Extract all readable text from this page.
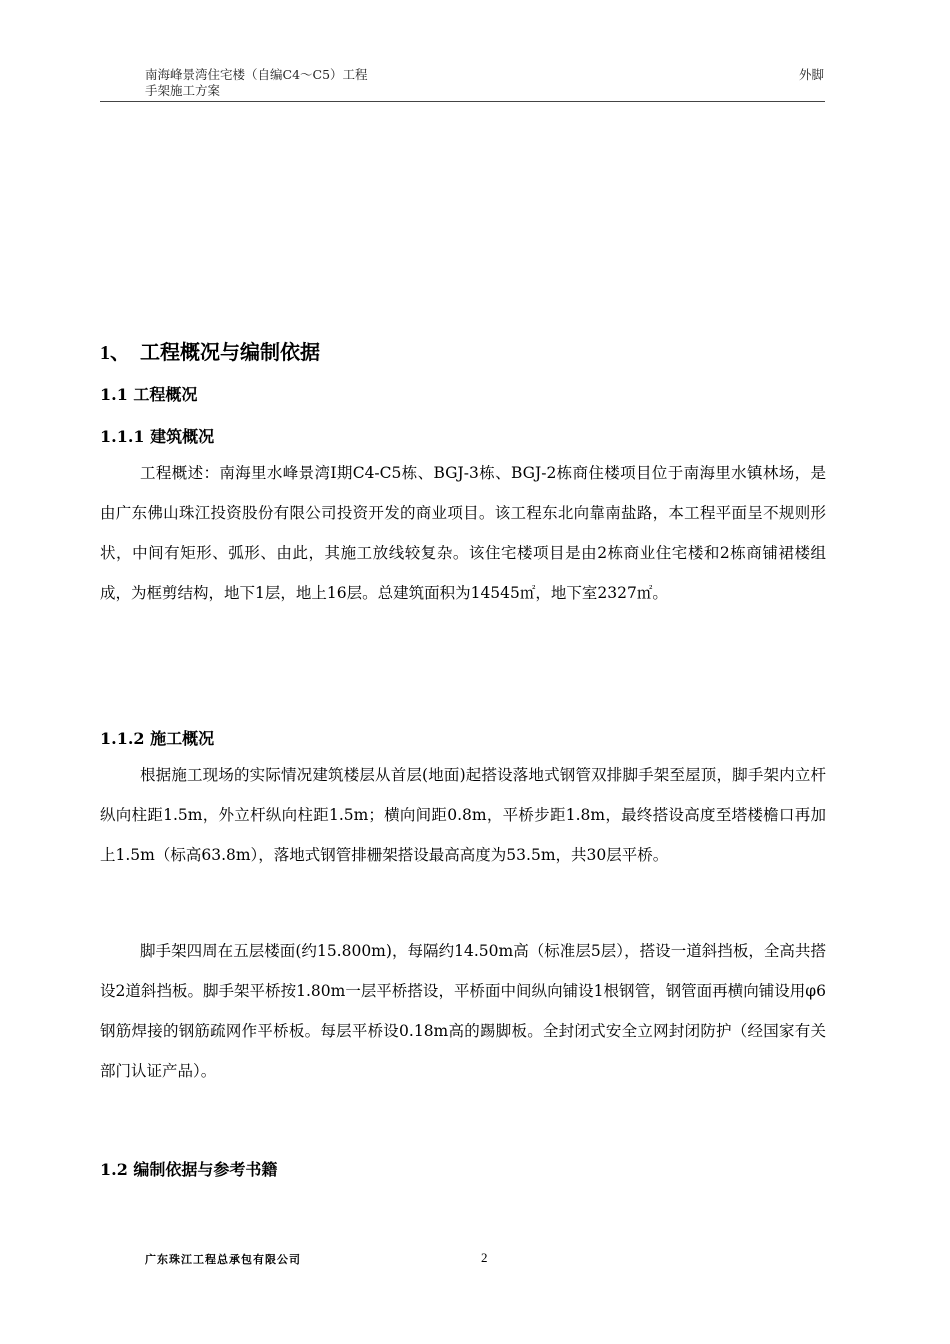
南海峰景湾住宅楼（自编C4～C5）工程
手架施工方案
外脚
1、 工程概况与编制依据
1.1 工程概况
1.1.1 建筑概况

工程概述：南海里水峰景湾Ⅰ期C4-C5栋、BGJ-3栋、BGJ-2栋商住楼项目位于南海里水镇林场，是由广东佛山珠江投资股份有限公司投资开发的商业项目。该工程东北向靠南盐路，本工程平面呈不规则形状，中间有矩形、弧形、由此，其施工放线较复杂。该住宅楼项目是由2栋商业住宅楼和2栋商铺裙楼组成，为框剪结构，地下1层，地上16层。总建筑面积为14545㎡，地下室2327㎡。

1.1.2 施工概况

根据施工现场的实际情况建筑楼层从首层(地面)起搭设落地式钢管双排脚手架至屋顶，脚手架内立杆纵向柱距1.5m，外立杆纵向柱距1.5m；横向间距0.8m，平桥步距1.8m，最终搭设高度至塔楼檐口再加上1.5m（标高63.8m），落地式钢管排栅架搭设最高高度为53.5m，共30层平桥。

脚手架四周在五层楼面(约15.800m)，每隔约14.50m高（标准层5层），搭设一道斜挡板，全高共搭设2道斜挡板。脚手架平桥按1.80m一层平桥搭设，平桥面中间纵向铺设1根钢管，钢管面再横向铺设用φ6钢筋焊接的钢筋疏网作平桥板。每层平桥设0.18m高的踢脚板。全封闭式安全立网封闭防护（经国家有关部门认证产品）。

1.2 编制依据与参考书籍
广东珠江工程总承包有限公司	2
